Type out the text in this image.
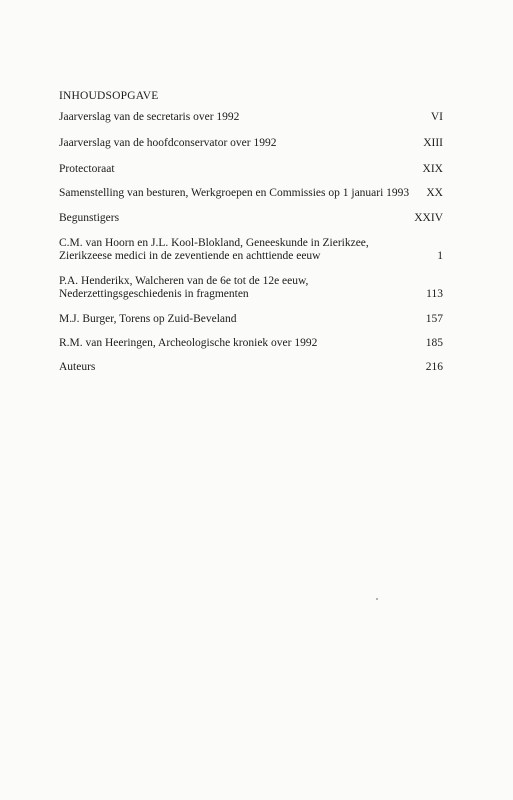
INHOUDSOPGAVE
Jaarverslag van de secretaris over 1992	VI
Jaarverslag van de hoofdconservator over 1992	XIII
Protectoraat	XIX
Samenstelling van besturen, Werkgroepen en Commissies op 1 januari 1993 XX
Begunstigers	XXIV
C.M. van Hoorn en J.L. Kool-Blokland, Geneeskunde in Zierikzee,
Zierikzeese medici in de zeventiende en achttiende eeuw	1
P.A. Henderikx, Walcheren van de 6e tot de 12e eeuw,
Nederzettingsgeschiedenis in fragmenten	113
M.J. Burger, Torens op Zuid-Beveland	157
R.M. van Heeringen, Archeologische kroniek over 1992	185
Auteurs	216
